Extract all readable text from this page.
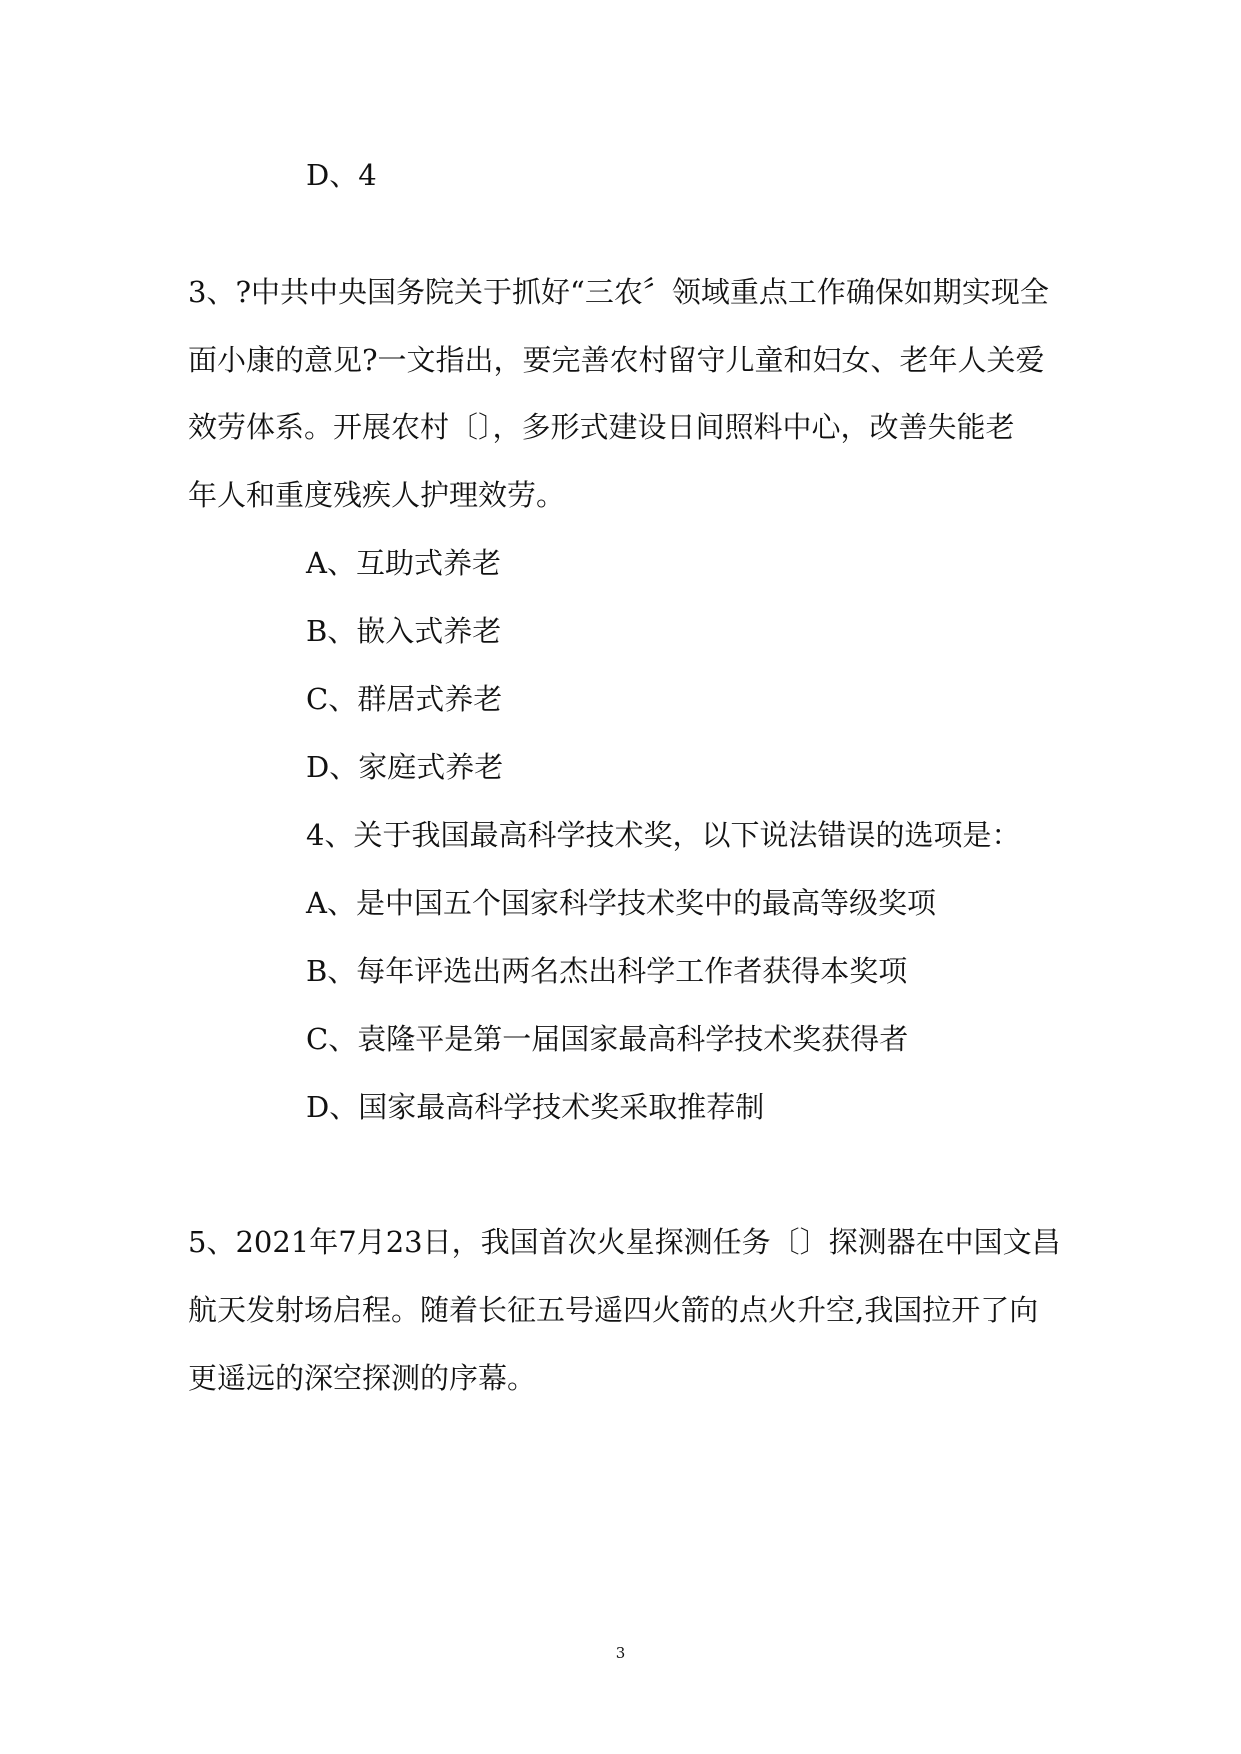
D、4
3、?中共中央国务院关于抓好“三农〞领域重点工作确保如期实现全
面小康的意见?一文指出，要完善农村留守儿童和妇女、老年人关爱
效劳体系。开展农村〔〕，多形式建设日间照料中心，改善失能老
年人和重度残疾人护理效劳。
A、互助式养老
B、嵌入式养老
C、群居式养老
D、家庭式养老
4、关于我国最高科学技术奖，以下说法错误的选项是：
A、是中国五个国家科学技术奖中的最高等级奖项
B、每年评选出两名杰出科学工作者获得本奖项
C、袁隆平是第一届国家最高科学技术奖获得者
D、国家最高科学技术奖采取推荐制
5、2021年7月23日，我国首次火星探测任务〔〕探测器在中国文昌
航天发射场启程。随着长征五号遥四火箭的点火升空,我国拉开了向
更遥远的深空探测的序幕。
3
